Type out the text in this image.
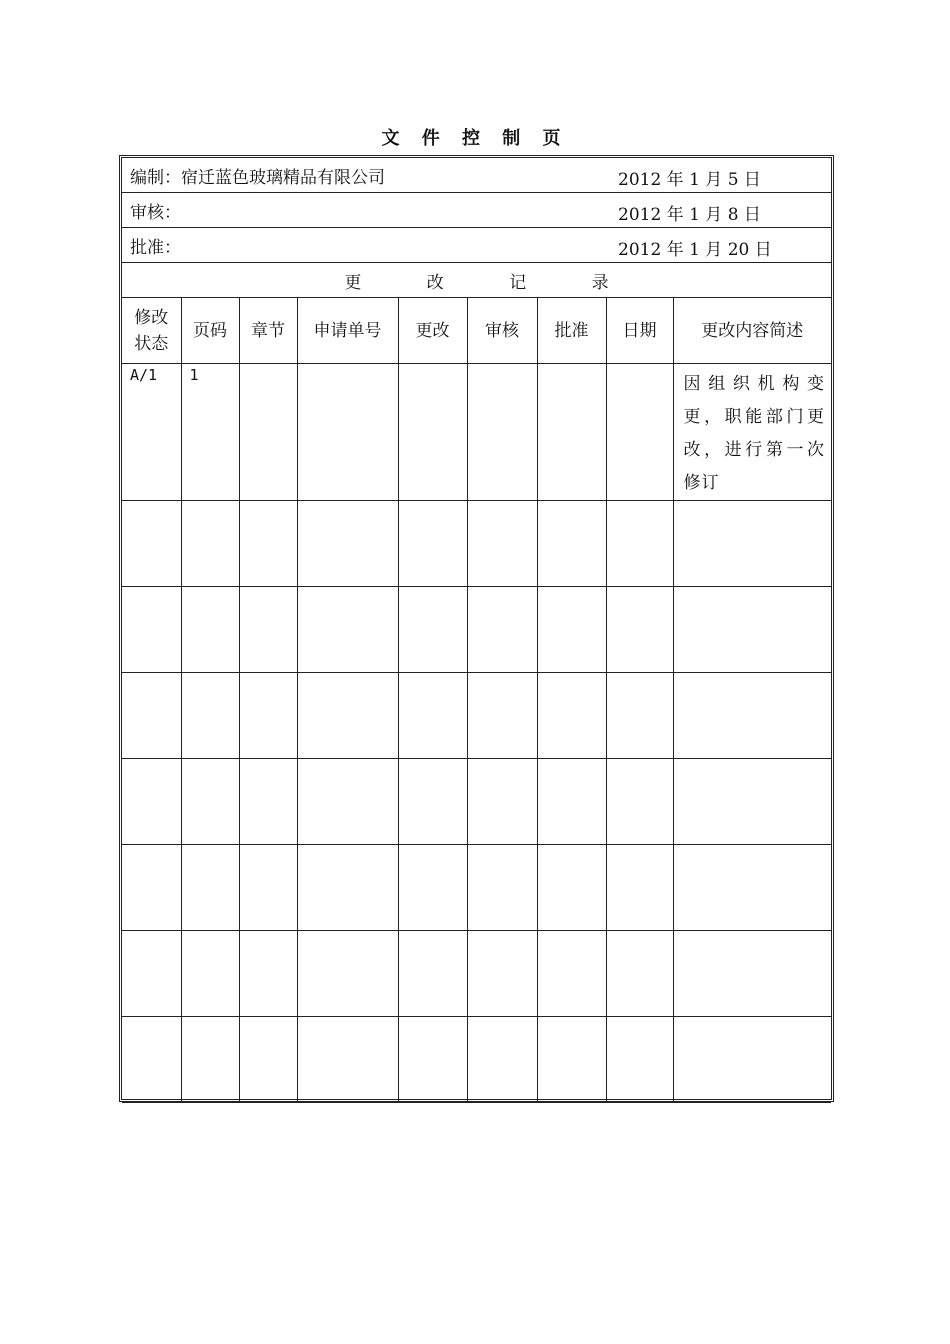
文 件 控 制 页
编制：宿迁蓝色玻璃精品有限公司 2012 年 1 月 5 日								

审核： 2012 年 1 月 8 日								

批准： 2012 年 1 月 20 日								

更 改 记 录								
修改状态	页码	章节	申请单号	更改	审核	批准	日期	更改内容简述
A/1	1							因组织机构变更，职能部门更改，进行第一次修订
